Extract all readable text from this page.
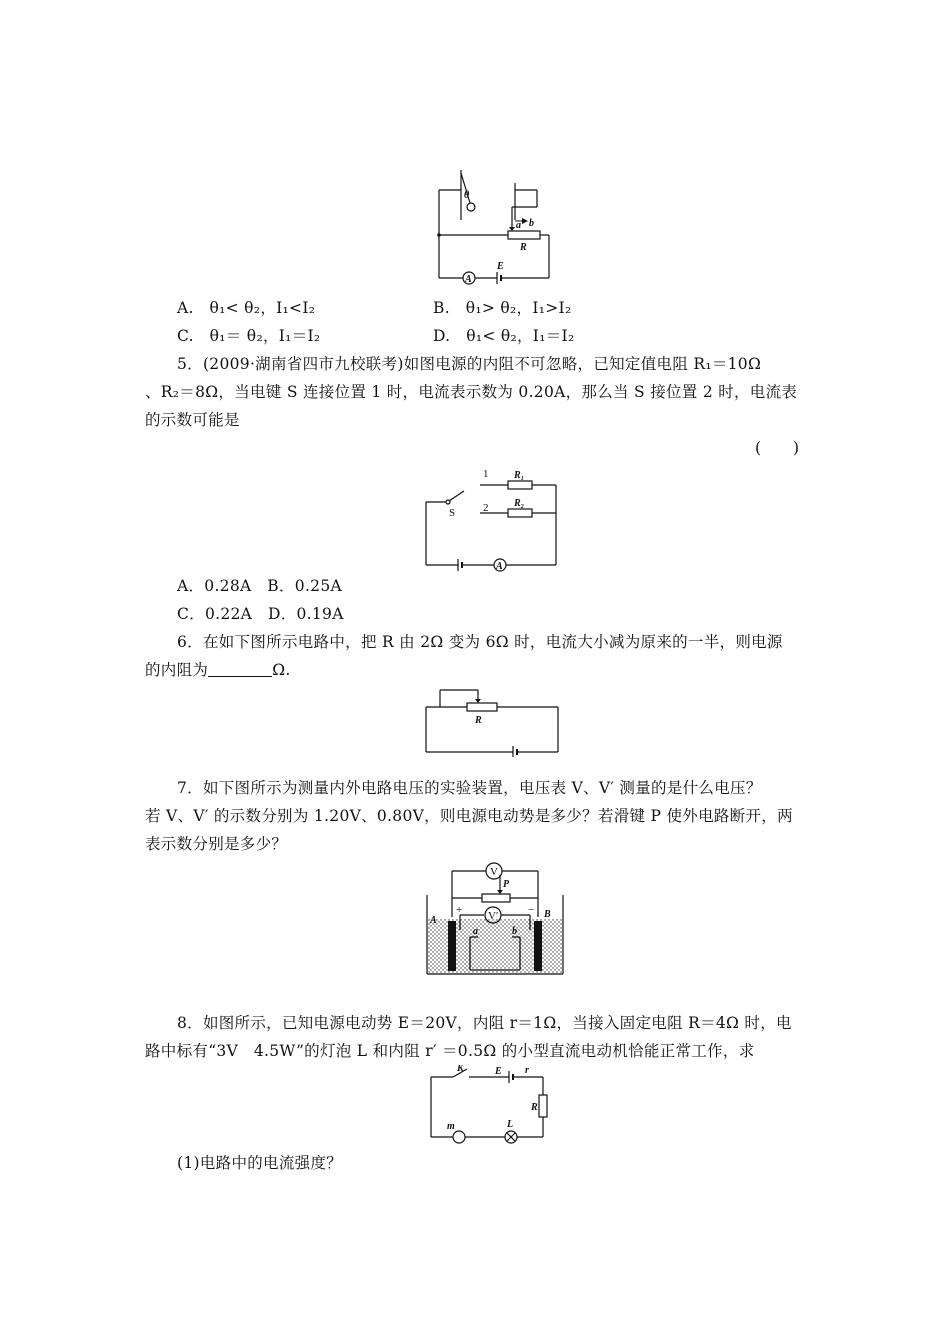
θ
a b
R
E
A
A.　θ₁< θ₂，I₁<I₂	B.　θ₁> θ₂，I₁>I₂
C.　θ₁＝ θ₂，I₁＝I₂	D.　θ₁< θ₂，I₁＝I₂
5．(2009·湖南省四市九校联考)如图电源的内阻不可忽略，已知定值电阻 R₁＝10Ω
、R₂＝8Ω，当电键 S 连接位置 1 时，电流表示数为 0.20A，那么当 S 接位置 2 时，电流表
的示数可能是
(　　)
1
2
R₁
R₂
S
A
A．0.28A　B．0.25A
C．0.22A　D．0.19A
6．在如下图所示电路中，把 R 由 2Ω 变为 6Ω 时，电流大小减为原来的一半，则电源
的内阻为	Ω.
R
7．如下图所示为测量内外电路电压的实验装置，电压表 V、V′ 测量的是什么电压？
若 V、V′ 的示数分别为 1.20V、0.80V，则电源电动势是多少？若滑键 P 使外电路断开，两
表示数分别是多少？
V
V′
P
A
B
+	−
a	b
8．如图所示，已知电源电动势 E＝20V，内阻 r＝1Ω，当接入固定电阻 R＝4Ω 时，电
路中标有“3V　4.5W”的灯泡 L 和内阻 r′ ＝0.5Ω 的小型直流电动机恰能正常工作，求
K	E r
R
m	L
(1)电路中的电流强度？
